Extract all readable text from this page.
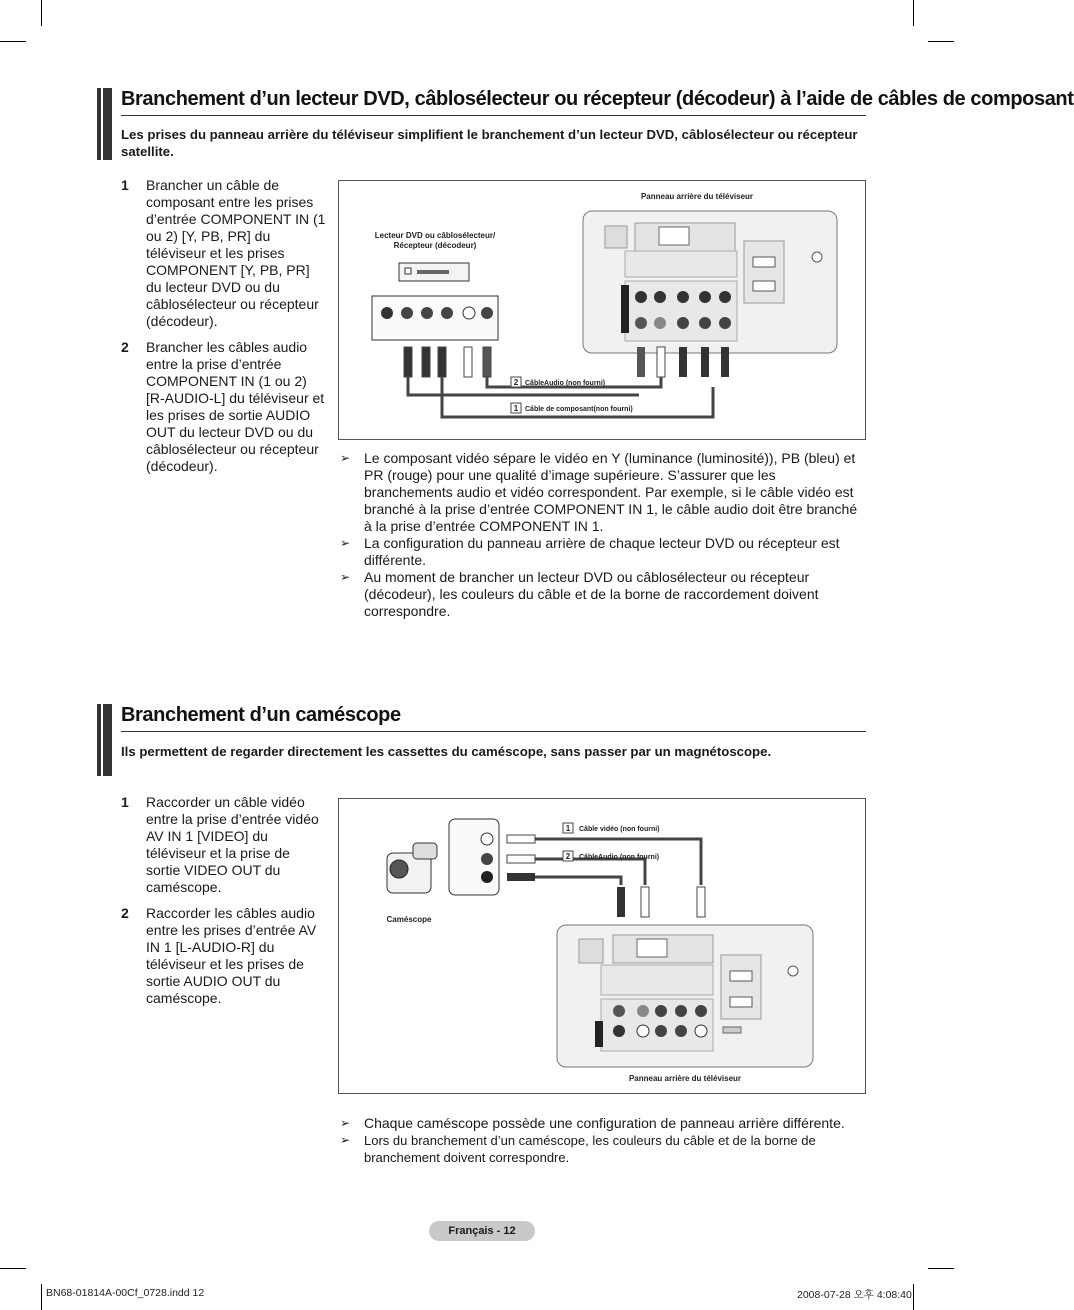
Branchement d’un lecteur DVD, câblosélecteur ou récepteur (décodeur) à l’aide de câbles de composant
Les prises du panneau arrière du téléviseur simplifient le branchement d’un lecteur DVD, câblosélecteur ou récepteur satellite.
1 Brancher un câble de composant entre les prises d’entrée COMPONENT IN (1 ou 2) [Y, PB, PR] du téléviseur et les prises COMPONENT [Y, PB, PR] du lecteur DVD ou du câblosélecteur ou récepteur (décodeur).
2 Brancher les câbles audio entre la prise d’entrée COMPONENT IN (1 ou 2) [R-AUDIO-L] du téléviseur et les prises de sortie AUDIO OUT du lecteur DVD ou du câblosélecteur ou récepteur (décodeur).
Panneau arrière du téléviseur
Lecteur DVD ou câblosélecteur/
Récepteur (décodeur)
2 CâbleAudio (non fourni)
1 Câble de composant(non fourni)
➢ Le composant vidéo sépare le vidéo en Y (luminance (luminosité)), PB (bleu) et PR (rouge) pour une qualité d’image supérieure. S’assurer que les branchements audio et vidéo correspondent. Par exemple, si le câble vidéo est branché à la prise d’entrée COMPONENT IN 1, le câble audio doit être branché à la prise d’entrée COMPONENT IN 1.
➢ La configuration du panneau arrière de chaque lecteur DVD ou récepteur est différente.
➢ Au moment de brancher un lecteur DVD ou câblosélecteur ou récepteur (décodeur), les couleurs du câble et de la borne de raccordement doivent correspondre.
Branchement d’un caméscope
Ils permettent de regarder directement les cassettes du caméscope, sans passer par un magnétoscope.
1 Raccorder un câble vidéo entre la prise d’entrée vidéo AV IN 1 [VIDEO] du téléviseur et la prise de sortie VIDEO OUT du caméscope.
2 Raccorder les câbles audio entre les prises d’entrée AV IN 1 [L-AUDIO-R] du téléviseur et les prises de sortie AUDIO OUT du caméscope.
Caméscope
1 Câble vidéo (non fourni)
2 CâbleAudio (non fourni)
Panneau arrière du téléviseur
➢ Chaque caméscope possède une configuration de panneau arrière différente.
➢ Lors du branchement d’un caméscope, les couleurs du câble et de la borne de branchement doivent correspondre.
Français - 12
BN68-01814A-00Cf_0728.indd 12	2008-07-28 오후 4:08:40
